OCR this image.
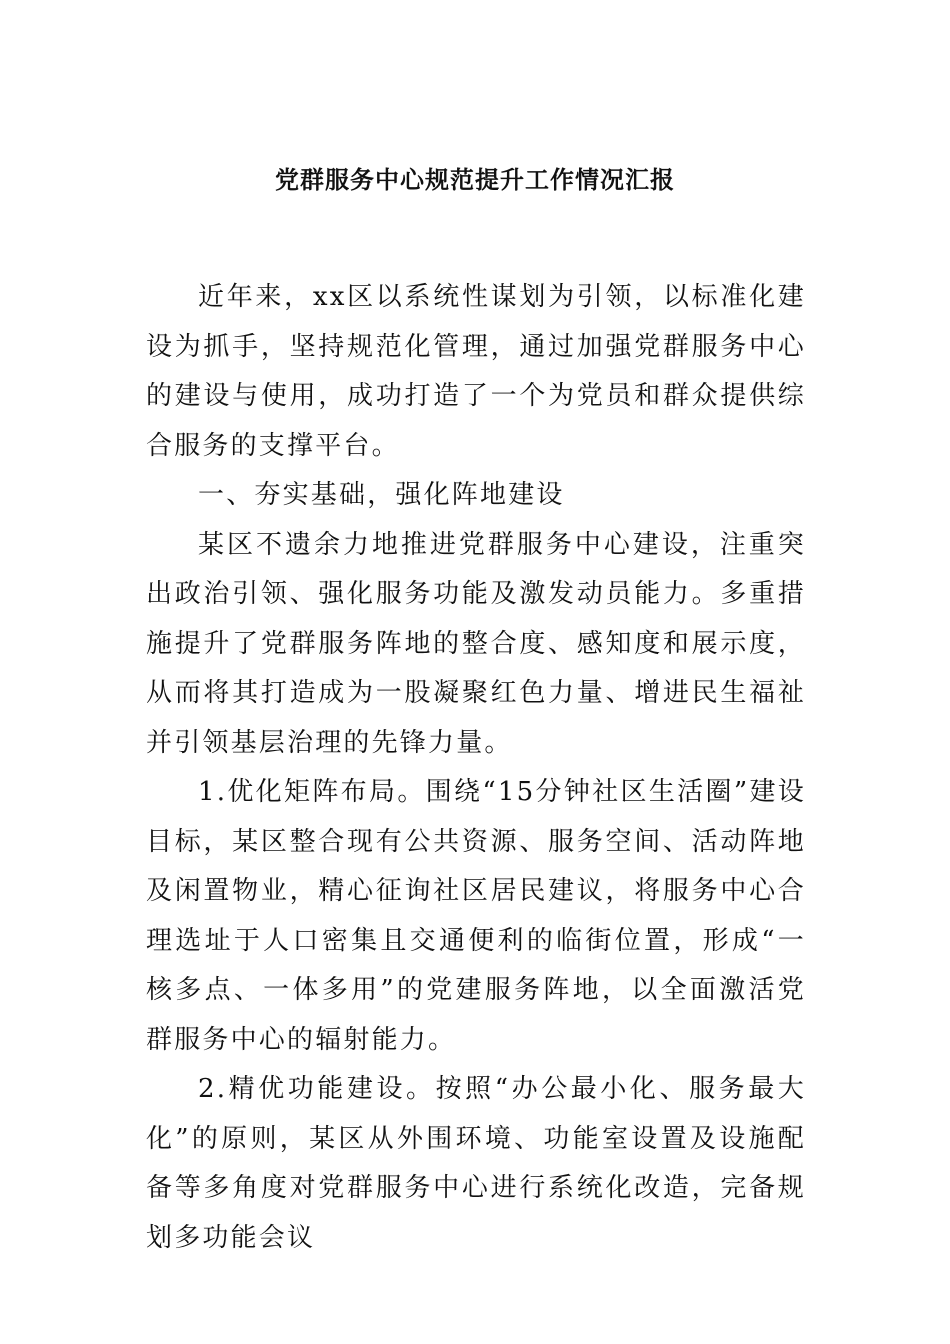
党群服务中心规范提升工作情况汇报

近年来，xx区以系统性谋划为引领，以标准化建设为抓手，坚持规范化管理，通过加强党群服务中心的建设与使用，成功打造了一个为党员和群众提供综合服务的支撑平台。

一、夯实基础，强化阵地建设

某区不遗余力地推进党群服务中心建设，注重突出政治引领、强化服务功能及激发动员能力。多重措施提升了党群服务阵地的整合度、感知度和展示度，从而将其打造成为一股凝聚红色力量、增进民生福祉并引领基层治理的先锋力量。

1.优化矩阵布局。围绕“15分钟社区生活圈”建设目标，某区整合现有公共资源、服务空间、活动阵地及闲置物业，精心征询社区居民建议，将服务中心合理选址于人口密集且交通便利的临街位置，形成“一核多点、一体多用”的党建服务阵地，以全面激活党群服务中心的辐射能力。

2.精优功能建设。按照“办公最小化、服务最大化”的原则，某区从外围环境、功能室设置及设施配备等多角度对党群服务中心进行系统化改造，完备规划多功能会议
